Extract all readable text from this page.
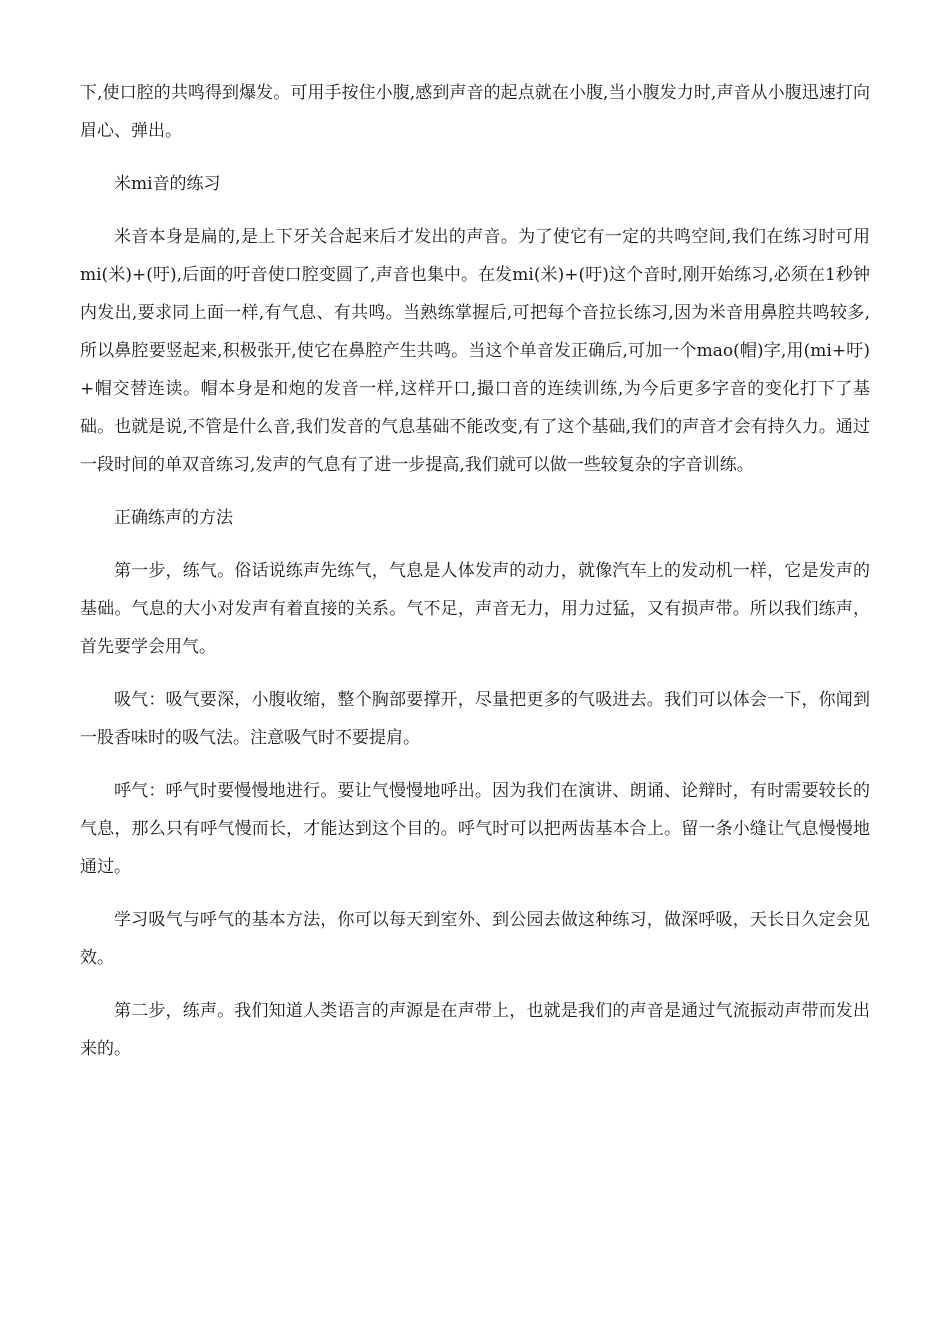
下,使口腔的共鸣得到爆发。可用手按住小腹,感到声音的起点就在小腹,当小腹发力时,声音从小腹迅速打向眉心、弹出。

米mi音的练习

米音本身是扁的,是上下牙关合起来后才发出的声音。为了使它有一定的共鸣空间,我们在练习时可用mi(米)+(吁),后面的吁音使口腔变圆了,声音也集中。在发mi(米)+(吁)这个音时,刚开始练习,必须在1秒钟内发出,要求同上面一样,有气息、有共鸣。当熟练掌握后,可把每个音拉长练习,因为米音用鼻腔共鸣较多,所以鼻腔要竖起来,积极张开,使它在鼻腔产生共鸣。当这个单音发正确后,可加一个mao(帽)字,用(mi+吁)+帽交替连读。帽本身是和炮的发音一样,这样开口,撮口音的连续训练,为今后更多字音的变化打下了基础。也就是说,不管是什么音,我们发音的气息基础不能改变,有了这个基础,我们的声音才会有持久力。通过一段时间的单双音练习,发声的气息有了进一步提高,我们就可以做一些较复杂的字音训练。

正确练声的方法

第一步，练气。俗话说练声先练气，气息是人体发声的动力，就像汽车上的发动机一样，它是发声的基础。气息的大小对发声有着直接的关系。气不足，声音无力，用力过猛，又有损声带。所以我们练声，首先要学会用气。

吸气：吸气要深，小腹收缩，整个胸部要撑开，尽量把更多的气吸进去。我们可以体会一下，你闻到一股香味时的吸气法。注意吸气时不要提肩。

呼气：呼气时要慢慢地进行。要让气慢慢地呼出。因为我们在演讲、朗诵、论辩时，有时需要较长的气息，那么只有呼气慢而长，才能达到这个目的。呼气时可以把两齿基本合上。留一条小缝让气息慢慢地通过。

学习吸气与呼气的基本方法，你可以每天到室外、到公园去做这种练习，做深呼吸，天长日久定会见效。

第二步，练声。我们知道人类语言的声源是在声带上，也就是我们的声音是通过气流振动声带而发出来的。
